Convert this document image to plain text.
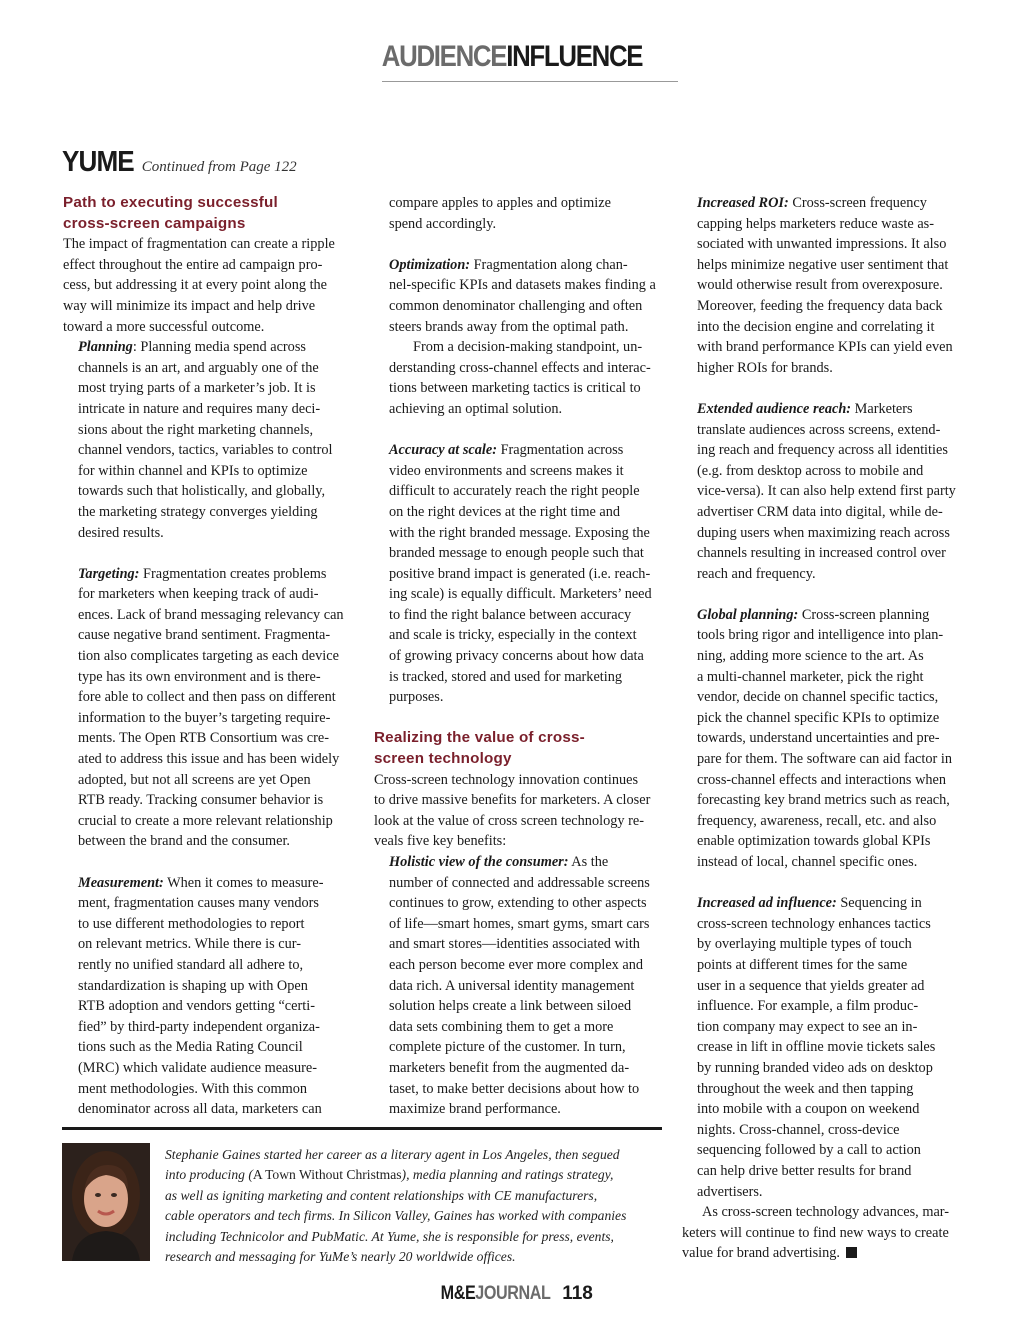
AUDIENCEINFLUENCE
YUME Continued from Page 122
Path to executing successful
cross-screen campaigns
The impact of fragmentation can create a ripple
effect throughout the entire ad campaign pro-
cess, but addressing it at every point along the
way will minimize its impact and help drive
toward a more successful outcome.
Planning: Planning media spend across
channels is an art, and arguably one of the
most trying parts of a marketer’s job. It is
intricate in nature and requires many deci-
sions about the right marketing channels,
channel vendors, tactics, variables to control
for within channel and KPIs to optimize
towards such that holistically, and globally,
the marketing strategy converges yielding
desired results.
Targeting: Fragmentation creates problems
for marketers when keeping track of audi-
ences. Lack of brand messaging relevancy can
cause negative brand sentiment. Fragmenta-
tion also complicates targeting as each device
type has its own environment and is there-
fore able to collect and then pass on different
information to the buyer’s targeting require-
ments. The Open RTB Consortium was cre-
ated to address this issue and has been widely
adopted, but not all screens are yet Open
RTB ready. Tracking consumer behavior is
crucial to create a more relevant relationship
between the brand and the consumer.
Measurement: When it comes to measure-
ment, fragmentation causes many vendors
to use different methodologies to report
on relevant metrics. While there is cur-
rently no unified standard all adhere to,
standardization is shaping up with Open
RTB adoption and vendors getting “certi-
fied” by third-party independent organiza-
tions such as the Media Rating Council
(MRC) which validate audience measure-
ment methodologies. With this common
denominator across all data, marketers can
compare apples to apples and optimize
spend accordingly.
Optimization: Fragmentation along chan-
nel-specific KPIs and datasets makes finding a
common denominator challenging and often
steers brands away from the optimal path.
From a decision-making standpoint, un-
derstanding cross-channel effects and interac-
tions between marketing tactics is critical to
achieving an optimal solution.
Accuracy at scale: Fragmentation across
video environments and screens makes it
difficult to accurately reach the right people
on the right devices at the right time and
with the right branded message. Exposing the
branded message to enough people such that
positive brand impact is generated (i.e. reach-
ing scale) is equally difficult. Marketers’ need
to find the right balance between accuracy
and scale is tricky, especially in the context
of growing privacy concerns about how data
is tracked, stored and used for marketing
purposes.
Realizing the value of cross-
screen technology
Cross-screen technology innovation continues
to drive massive benefits for marketers. A closer
look at the value of cross screen technology re-
veals five key benefits:
Holistic view of the consumer: As the
number of connected and addressable screens
continues to grow, extending to other aspects
of life—smart homes, smart gyms, smart cars
and smart stores—identities associated with
each person become ever more complex and
data rich. A universal identity management
solution helps create a link between siloed
data sets combining them to get a more
complete picture of the customer. In turn,
marketers benefit from the augmented da-
taset, to make better decisions about how to
maximize brand performance.
Increased ROI: Cross-screen frequency
capping helps marketers reduce waste as-
sociated with unwanted impressions. It also
helps minimize negative user sentiment that
would otherwise result from overexposure.
Moreover, feeding the frequency data back
into the decision engine and correlating it
with brand performance KPIs can yield even
higher ROIs for brands.
Extended audience reach: Marketers
translate audiences across screens, extend-
ing reach and frequency across all identities
(e.g. from desktop across to mobile and
vice-versa). It can also help extend first party
advertiser CRM data into digital, while de-
duping users when maximizing reach across
channels resulting in increased control over
reach and frequency.
Global planning: Cross-screen planning
tools bring rigor and intelligence into plan-
ning, adding more science to the art. As
a multi-channel marketer, pick the right
vendor, decide on channel specific tactics,
pick the channel specific KPIs to optimize
towards, understand uncertainties and pre-
pare for them. The software can aid factor in
cross-channel effects and interactions when
forecasting key brand metrics such as reach,
frequency, awareness, recall, etc. and also
enable optimization towards global KPIs
instead of local, channel specific ones.
Increased ad influence: Sequencing in
cross-screen technology enhances tactics
by overlaying multiple types of touch
points at different times for the same
user in a sequence that yields greater ad
influence. For example, a film produc-
tion company may expect to see an in-
crease in lift in offline movie tickets sales
by running branded video ads on desktop
throughout the week and then tapping
into mobile with a coupon on weekend
nights. Cross-channel, cross-device
sequencing followed by a call to action
can help drive better results for brand
advertisers.
As cross-screen technology advances, mar-
keters will continue to find new ways to create
value for brand advertising.
Stephanie Gaines started her career as a literary agent in Los Angeles, then segued
into producing (A Town Without Christmas), media planning and ratings strategy,
as well as igniting marketing and content relationships with CE manufacturers,
cable operators and tech firms. In Silicon Valley, Gaines has worked with companies
including Technicolor and PubMatic. At Yume, she is responsible for press, events,
research and messaging for YuMe’s nearly 20 worldwide offices.
M&EJOURNAL 118
